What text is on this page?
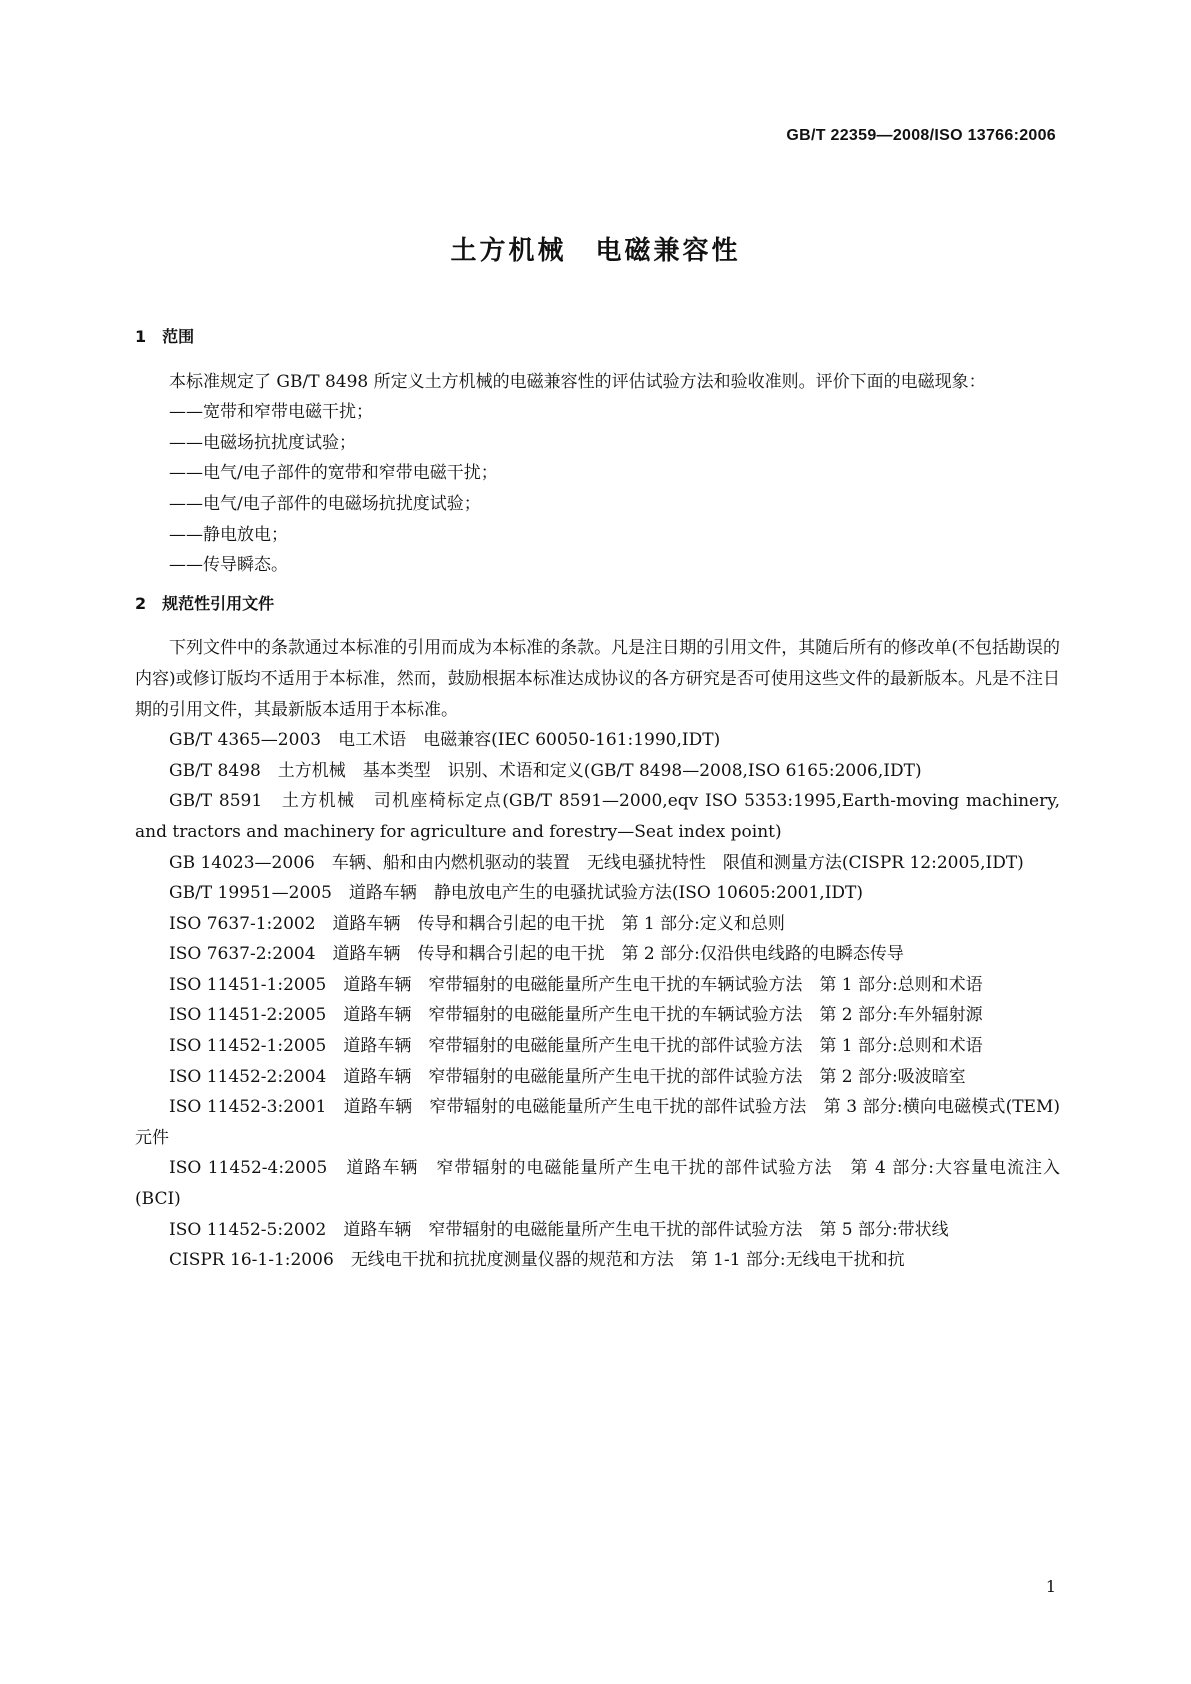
GB/T 22359—2008/ISO 13766:2006
土方机械　电磁兼容性

1　范围

本标准规定了 GB/T 8498 所定义土方机械的电磁兼容性的评估试验方法和验收准则。评价下面的电磁现象：

——宽带和窄带电磁干扰；

——电磁场抗扰度试验；

——电气/电子部件的宽带和窄带电磁干扰；

——电气/电子部件的电磁场抗扰度试验；

——静电放电；

——传导瞬态。

2　规范性引用文件

下列文件中的条款通过本标准的引用而成为本标准的条款。凡是注日期的引用文件，其随后所有的修改单(不包括勘误的内容)或修订版均不适用于本标准，然而，鼓励根据本标准达成协议的各方研究是否可使用这些文件的最新版本。凡是不注日期的引用文件，其最新版本适用于本标准。

GB/T 4365—2003　电工术语　电磁兼容(IEC 60050-161:1990,IDT)

GB/T 8498　土方机械　基本类型　识别、术语和定义(GB/T 8498—2008,ISO 6165:2006,IDT)

GB/T 8591　土方机械　司机座椅标定点(GB/T 8591—2000,eqv ISO 5353:1995,Earth-moving machinery, and tractors and machinery for agriculture and forestry—Seat index point)

GB 14023—2006　车辆、船和由内燃机驱动的装置　无线电骚扰特性　限值和测量方法(CISPR 12:2005,IDT)

GB/T 19951—2005　道路车辆　静电放电产生的电骚扰试验方法(ISO 10605:2001,IDT)

ISO 7637-1:2002　道路车辆　传导和耦合引起的电干扰　第 1 部分:定义和总则

ISO 7637-2:2004　道路车辆　传导和耦合引起的电干扰　第 2 部分:仅沿供电线路的电瞬态传导

ISO 11451-1:2005　道路车辆　窄带辐射的电磁能量所产生电干扰的车辆试验方法　第 1 部分:总则和术语

ISO 11451-2:2005　道路车辆　窄带辐射的电磁能量所产生电干扰的车辆试验方法　第 2 部分:车外辐射源

ISO 11452-1:2005　道路车辆　窄带辐射的电磁能量所产生电干扰的部件试验方法　第 1 部分:总则和术语

ISO 11452-2:2004　道路车辆　窄带辐射的电磁能量所产生电干扰的部件试验方法　第 2 部分:吸波暗室

ISO 11452-3:2001　道路车辆　窄带辐射的电磁能量所产生电干扰的部件试验方法　第 3 部分:横向电磁模式(TEM)元件

ISO 11452-4:2005　道路车辆　窄带辐射的电磁能量所产生电干扰的部件试验方法　第 4 部分:大容量电流注入(BCI)

ISO 11452-5:2002　道路车辆　窄带辐射的电磁能量所产生电干扰的部件试验方法　第 5 部分:带状线

CISPR 16-1-1:2006　无线电干扰和抗扰度测量仪器的规范和方法　第 1-1 部分:无线电干扰和抗

1
